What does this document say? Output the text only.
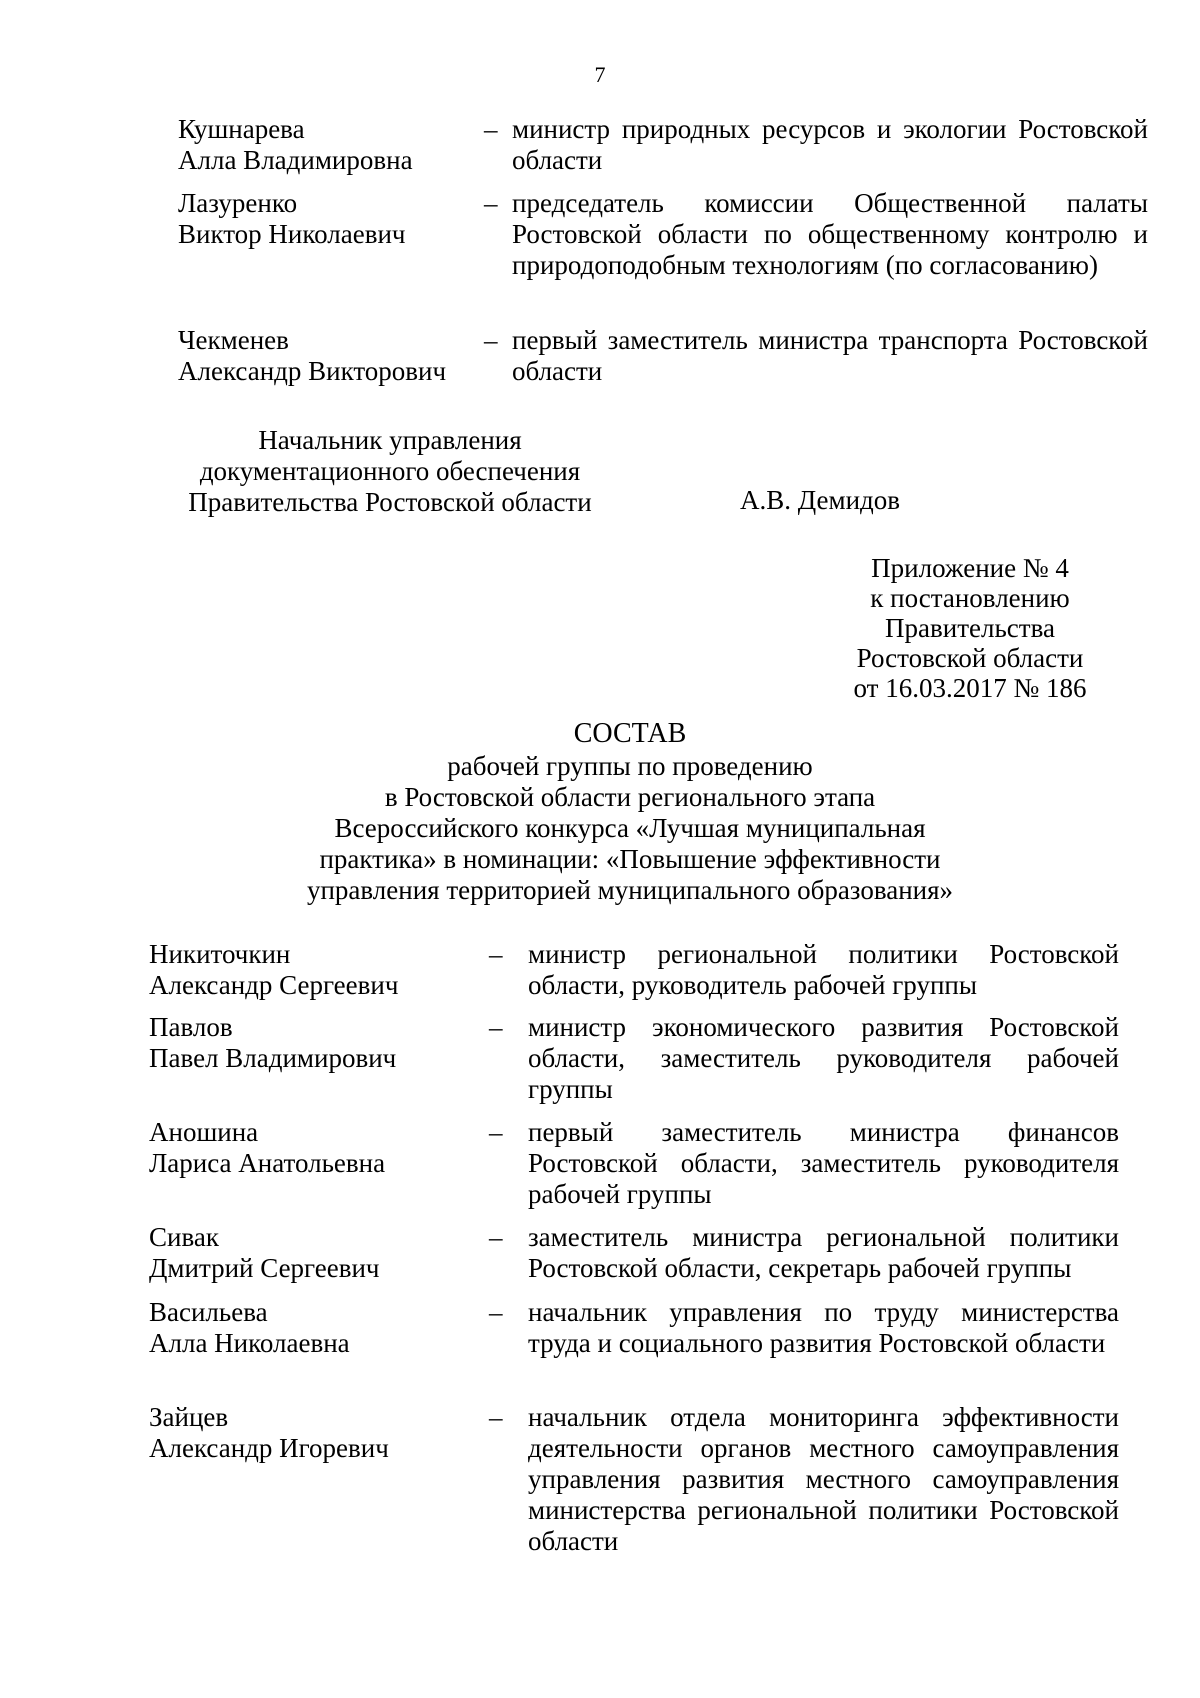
7
Кушнарева
Алла Владимировна
– министр природных ресурсов и экологии Ростовской области
Лазуренко
Виктор Николаевич
– председатель комиссии Общественной палаты Ростовской области по общественному контролю и природоподобным технологиям (по согласованию)
Чекменев
Александр Викторович
– первый заместитель министра транспорта Ростовской области
Начальник управления
документационного обеспечения
Правительства Ростовской области	А.В. Демидов
Приложение № 4
к постановлению
Правительства
Ростовской области
от 16.03.2017 № 186
СОСТАВ
рабочей группы по проведению
в Ростовской области регионального этапа
Всероссийского конкурса «Лучшая муниципальная
практика» в номинации: «Повышение эффективности
управления территорией муниципального образования»
Никиточкин
Александр Сергеевич
– министр региональной политики Ростовской области, руководитель рабочей группы
Павлов
Павел Владимирович
– министр экономического развития Ростовской области, заместитель руководителя рабочей группы
Аношина
Лариса Анатольевна
– первый заместитель министра финансов Ростовской области, заместитель руководителя рабочей группы
Сивак
Дмитрий Сергеевич
– заместитель министра региональной политики Ростовской области, секретарь рабочей группы
Васильева
Алла Николаевна
– начальник управления по труду министерства труда и социального развития Ростовской области
Зайцев
Александр Игоревич
– начальник отдела мониторинга эффективности деятельности органов местного самоуправления управления развития местного самоуправления министерства региональной политики Ростовской области
